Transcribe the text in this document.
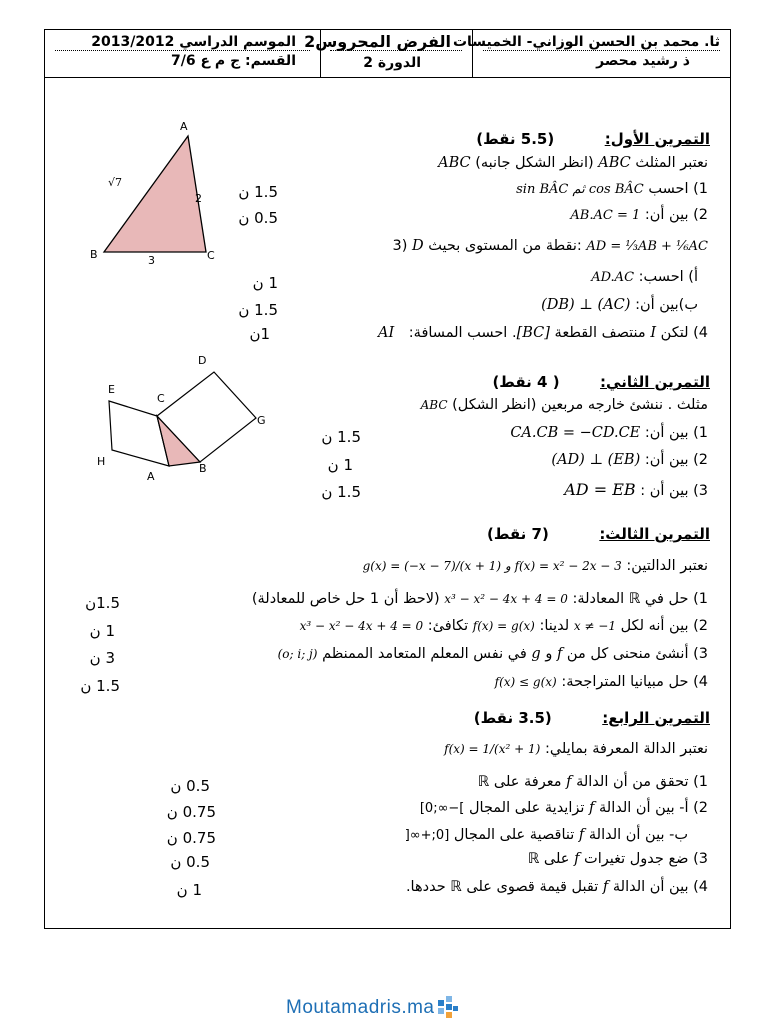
ثا. محمد بن الحسن الوزاني- الخميسات
ذ رشيد محصر
الفرض المحروس2
الدورة 2
الموسم الدراسي 2013/2012
القسم: ج م ع 7/6
A
B	C
√7
2
3
التمرين الأول:  (5.5 نقط)
نعتبر المثلث ABC (انظر الشكل جانبه) ABC
1) احسب cos BÂC ثم sin BÂC
2) بين أن: AB.AC = 1
3) D نقطة من المستوى بحيث: AD = ⅓AB + ⅙AC
أ) احسب: AD.AC
ب)بين أن: (AC) ⊥ (DB)
4) لتكن I منتصف القطعة [BC]. احسب المسافة: AI
1.5 ن
0.5 ن
1 ن
1.5 ن
1ن
D
E
C
G
H
A
B
التمرين الثاني:  ( 4 نقط)
مثلث . ننشئ خارجه مربعين (انظر الشكل) ABC
1) بين أن: CA.CB = −CD.CE
2) بين أن: (EB) ⊥ (AD)
3) بين أن : AD = EB
1.5 ن
1 ن
1.5 ن
التمرين الثالث:  (7 نقط)
نعتبر الدالتين: f(x) = x² − 2x − 3 و g(x) = (−x − 7)/(x + 1)
1) حل في ℝ المعادلة: x³ − x² − 4x + 4 = 0 (لاحظ أن 1 حل خاص للمعادلة)
2) بين أنه لكل x ≠ −1 لدينا: f(x) = g(x) تكافئ: x³ − x² − 4x + 4 = 0
3) أنشئ منحنى كل من f و g في نفس المعلم المتعامد الممنظم (o; i; j)
4) حل مبيانيا المتراجحة: f(x) ≤ g(x)
1.5ن
1 ن
3 ن
1.5 ن
التمرين الرابع:  (3.5 نقط)
نعتبر الدالة المعرفة بمايلي: f(x) = 1/(x² + 1)
1) تحقق من أن الدالة f معرفة على ℝ
2) أ- بين أن الدالة f تزايدية على المجال ]−∞;0]
ب- بين أن الدالة f تناقصية على المجال [0;+∞[
3) ضع جدول تغيرات f على ℝ
4) بين أن الدالة f تقبل قيمة قصوى على ℝ حددها.
0.5 ن
0.75 ن
0.75 ن
0.5 ن
1 ن
Moutamadris.ma
